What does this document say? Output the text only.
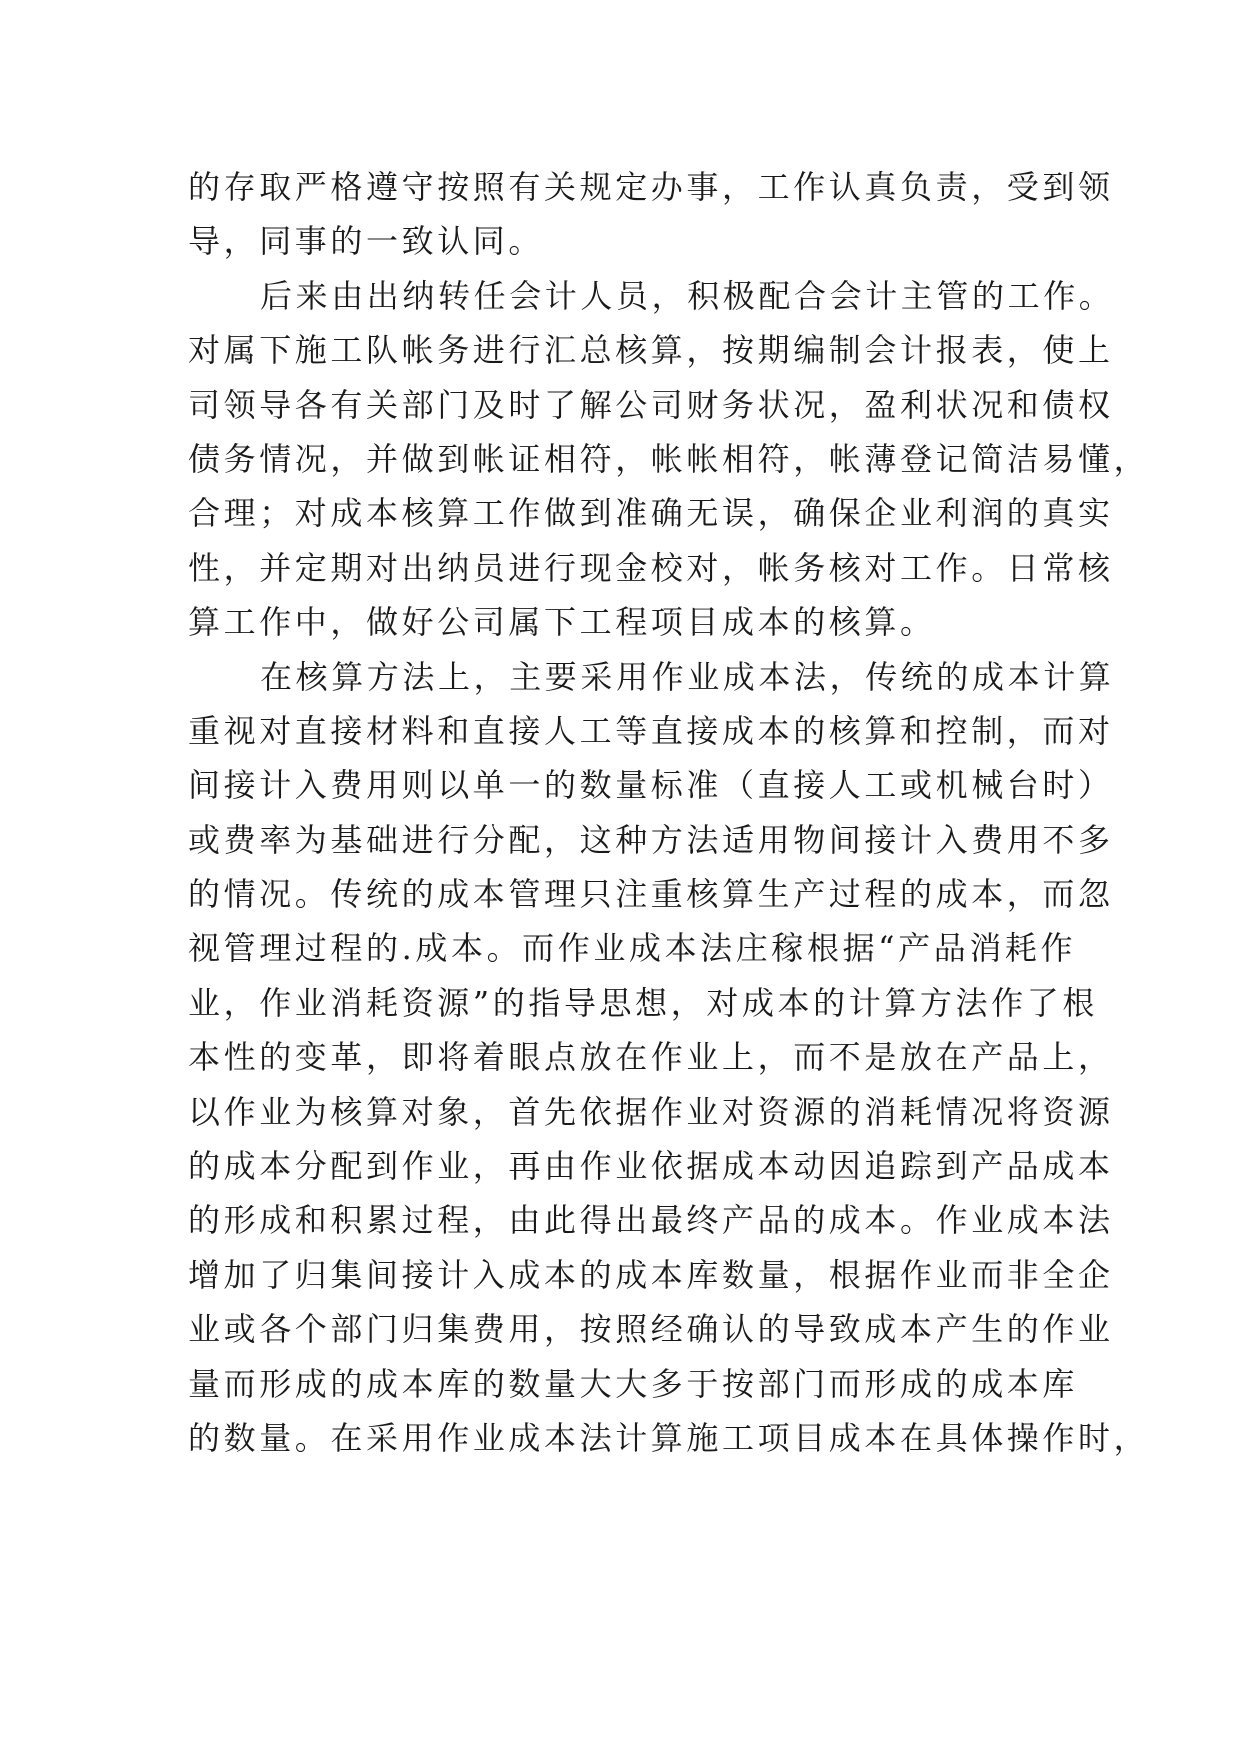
的存取严格遵守按照有关规定办事，工作认真负责，受到领
导，同事的一致认同。
后来由出纳转任会计人员，积极配合会计主管的工作。
对属下施工队帐务进行汇总核算，按期编制会计报表，使上
司领导各有关部门及时了解公司财务状况，盈利状况和债权
债务情况，并做到帐证相符，帐帐相符，帐薄登记简洁易懂，
合理；对成本核算工作做到准确无误，确保企业利润的真实
性，并定期对出纳员进行现金校对，帐务核对工作。日常核
算工作中，做好公司属下工程项目成本的核算。
在核算方法上，主要采用作业成本法，传统的成本计算
重视对直接材料和直接人工等直接成本的核算和控制，而对
间接计入费用则以单一的数量标准（直接人工或机械台时）
或费率为基础进行分配，这种方法适用物间接计入费用不多
的情况。传统的成本管理只注重核算生产过程的成本，而忽
视管理过程的.成本。而作业成本法庄稼根据“产品消耗作
业，作业消耗资源”的指导思想，对成本的计算方法作了根
本性的变革，即将着眼点放在作业上，而不是放在产品上，
以作业为核算对象，首先依据作业对资源的消耗情况将资源
的成本分配到作业，再由作业依据成本动因追踪到产品成本
的形成和积累过程，由此得出最终产品的成本。作业成本法
增加了归集间接计入成本的成本库数量，根据作业而非全企
业或各个部门归集费用，按照经确认的导致成本产生的作业
量而形成的成本库的数量大大多于按部门而形成的成本库
的数量。在采用作业成本法计算施工项目成本在具体操作时，
